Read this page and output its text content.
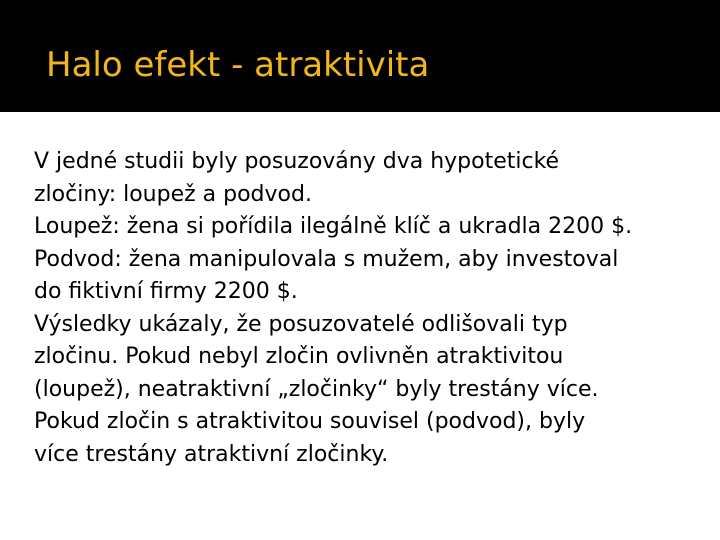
Halo efekt - atraktivita
V jedné studii byly posuzovány dva hypotetické
zločiny: loupež a podvod.
Loupež: žena si pořídila ilegálně klíč a ukradla 2200 $.
Podvod: žena manipulovala s mužem, aby investoval
do fiktivní firmy 2200 $.
Výsledky ukázaly, že posuzovatelé odlišovali typ
zločinu. Pokud nebyl zločin ovlivněn atraktivitou
(loupež), neatraktivní „zločinky“ byly trestány více.
Pokud zločin s atraktivitou souvisel (podvod), byly
více trestány atraktivní zločinky.
